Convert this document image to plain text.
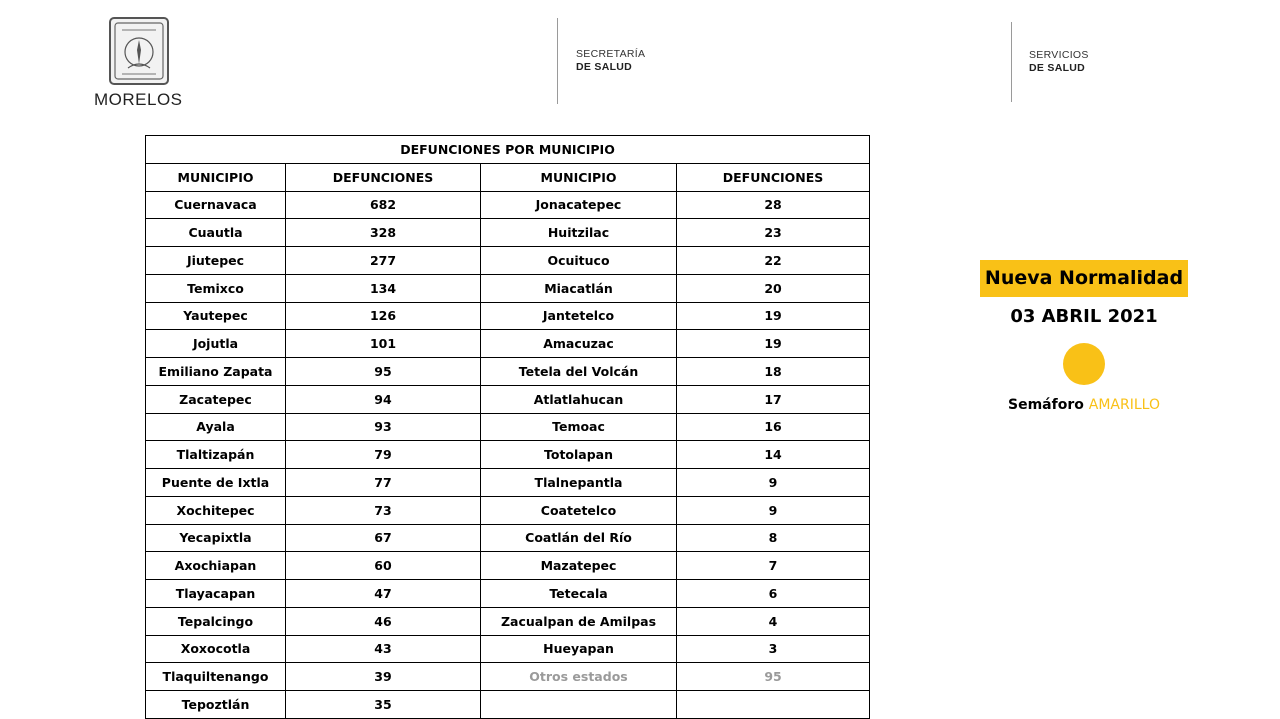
MORELOS
SECRETARÍA
DE SALUD
SERVICIOS
DE SALUD
DEFUNCIONES POR MUNICIPIO			
MUNICIPIO	DEFUNCIONES	MUNICIPIO	DEFUNCIONES
Cuernavaca	682	Jonacatepec	28
Cuautla	328	Huitzilac	23
Jiutepec	277	Ocuituco	22
Temixco	134	Miacatlán	20
Yautepec	126	Jantetelco	19
Jojutla	101	Amacuzac	19
Emiliano Zapata	95	Tetela del Volcán	18
Zacatepec	94	Atlatlahucan	17
Ayala	93	Temoac	16
Tlaltizapán	79	Totolapan	14
Puente de Ixtla	77	Tlalnepantla	9
Xochitepec	73	Coatetelco	9
Yecapixtla	67	Coatlán del Río	8
Axochiapan	60	Mazatepec	7
Tlayacapan	47	Tetecala	6
Tepalcingo	46	Zacualpan de Amilpas	4
Xoxocotla	43	Hueyapan	3
Tlaquiltenango	39	Otros estados	95
Tepoztlán	35		
Nueva Normalidad
03 ABRIL 2021
Semáforo AMARILLO
